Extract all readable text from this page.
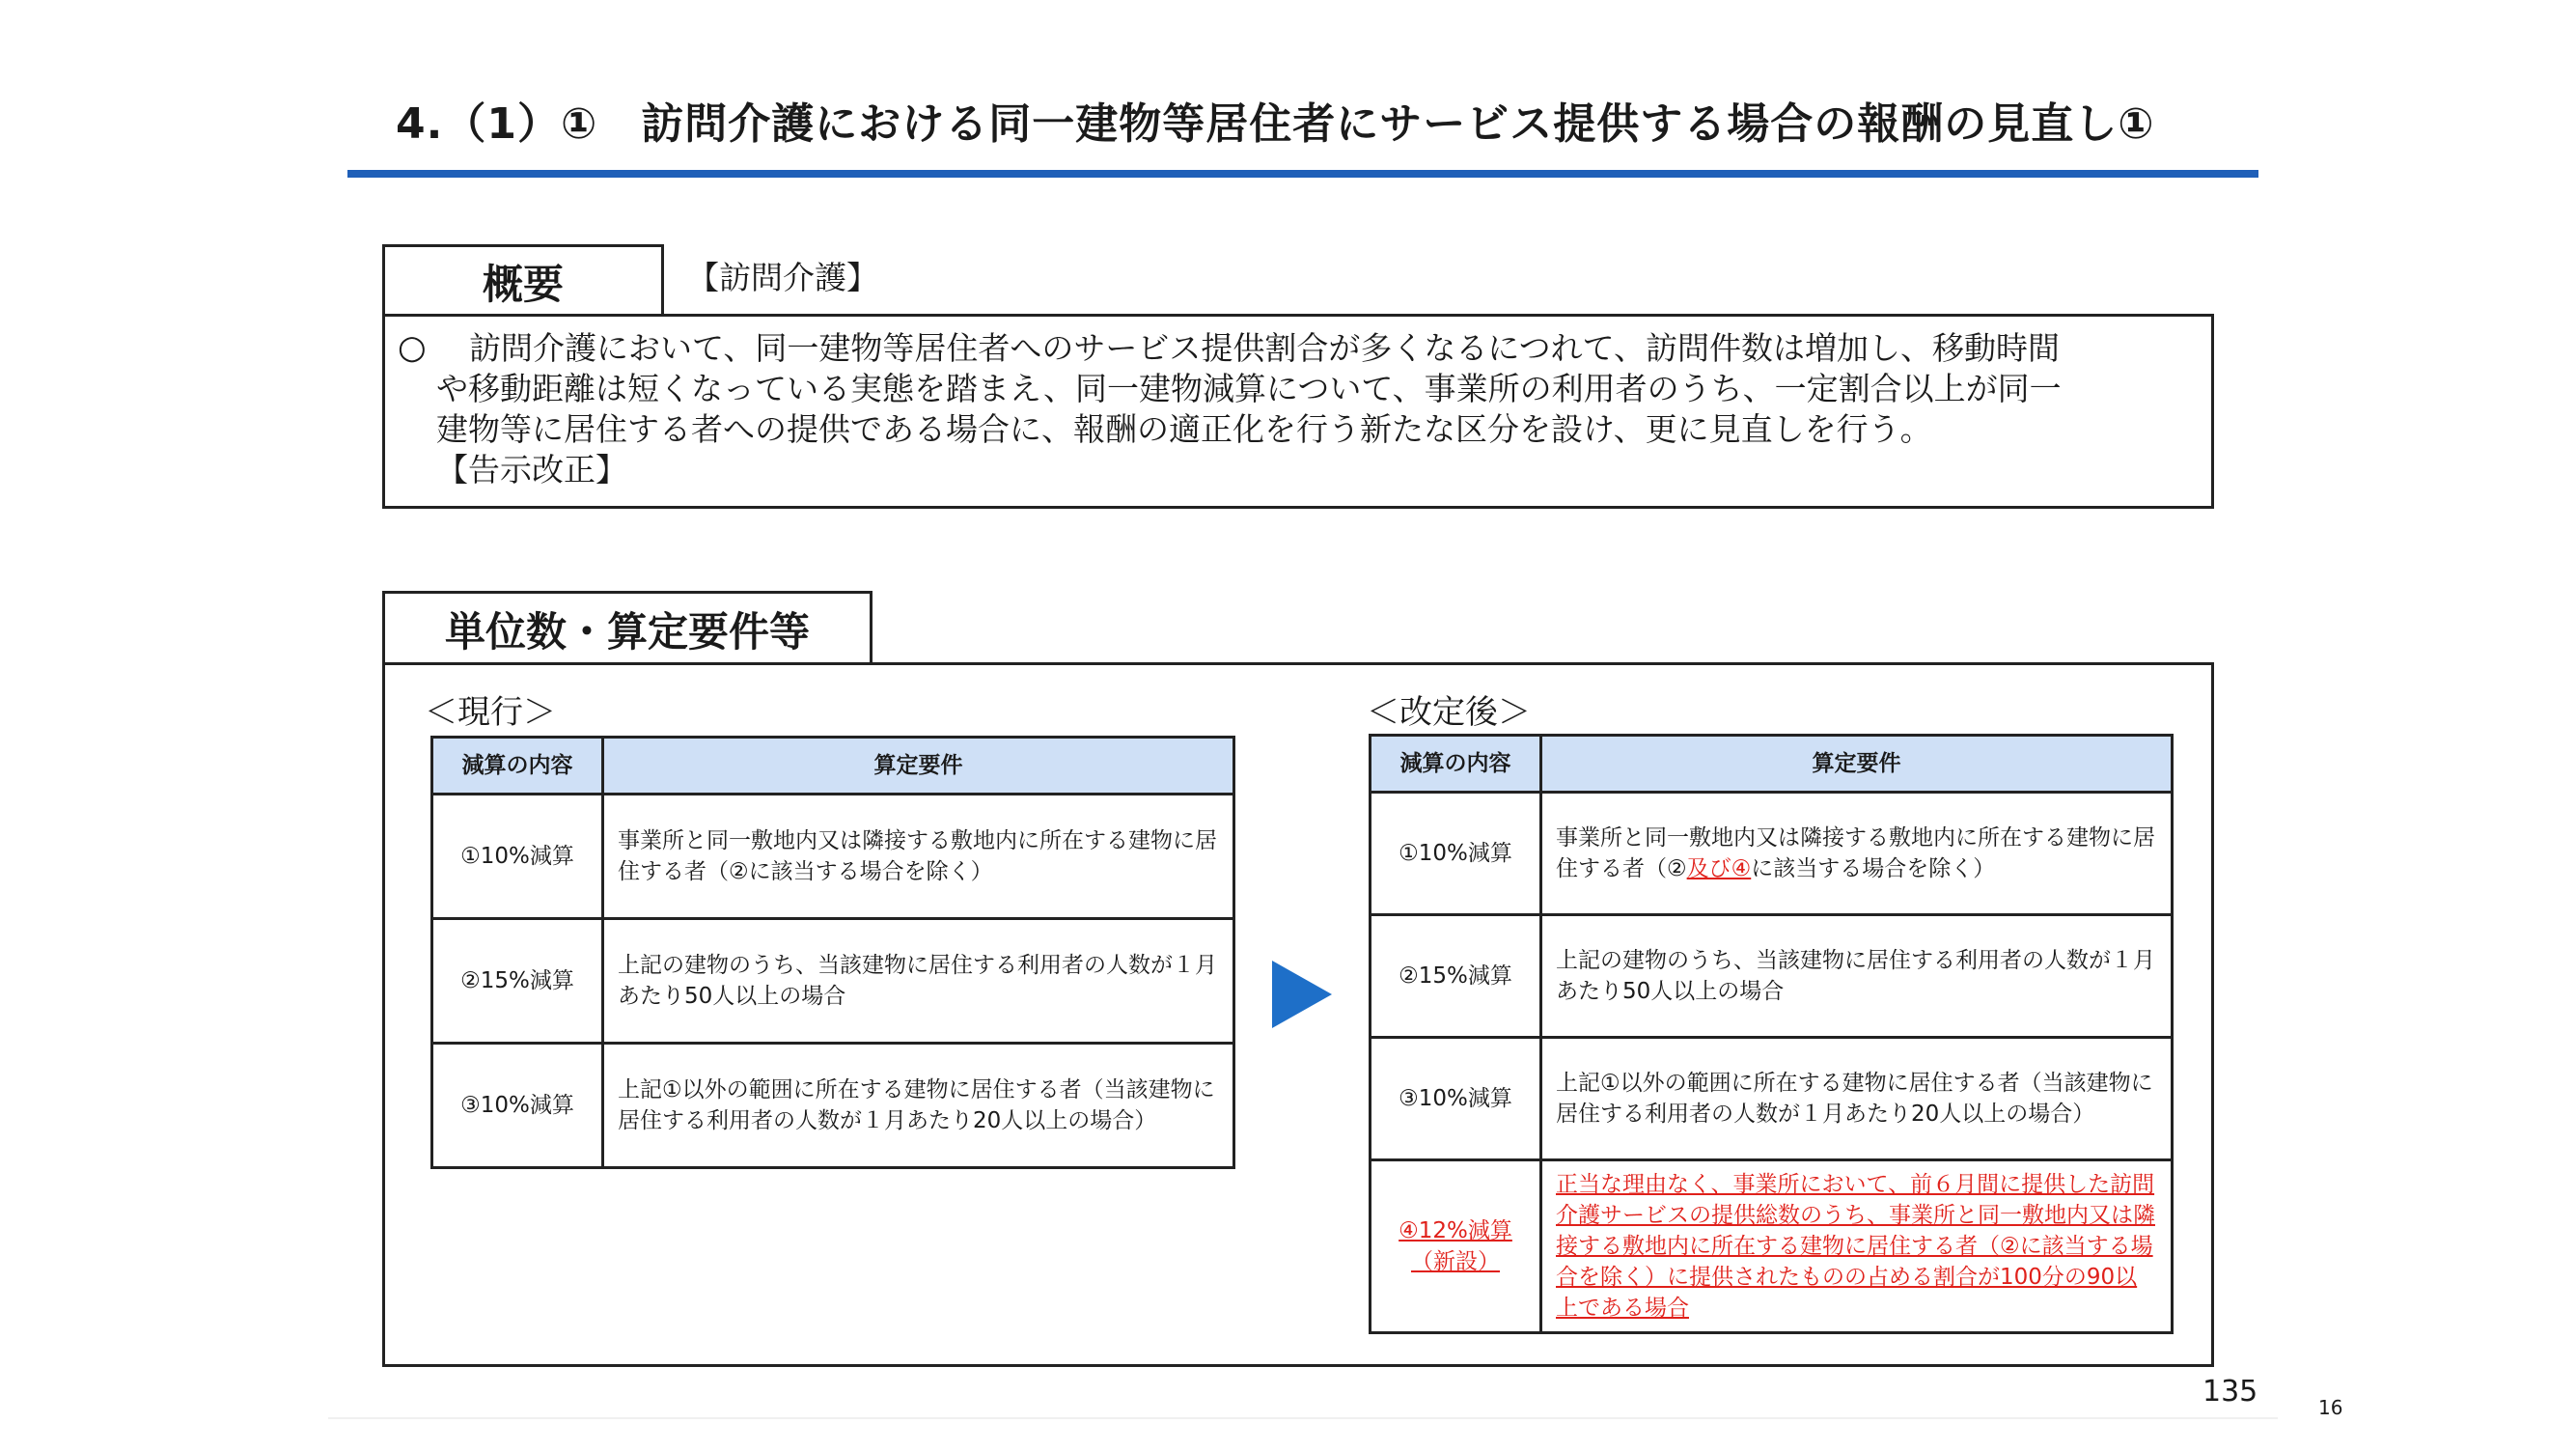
4.（1）①　訪問介護における同一建物等居住者にサービス提供する場合の報酬の見直し①
概要	【訪問介護】
○	訪問介護において、同一建物等居住者へのサービス提供割合が多くなるにつれて、訪問件数は増加し、移動時間
や移動距離は短くなっている実態を踏まえ、同一建物減算について、事業所の利用者のうち、一定割合以上が同一
建物等に居住する者への提供である場合に、報酬の適正化を行う新たな区分を設け、更に見直しを行う。
【告示改正】
単位数・算定要件等
＜現行＞	＜改定後＞
減算の内容	算定要件
①10%減算	事業所と同一敷地内又は隣接する敷地内に所在する建物に居住する者（②に該当する場合を除く）
②15%減算	上記の建物のうち、当該建物に居住する利用者の人数が１月あたり50人以上の場合
③10%減算	上記①以外の範囲に所在する建物に居住する者（当該建物に居住する利用者の人数が１月あたり20人以上の場合）
減算の内容	算定要件
①10%減算	事業所と同一敷地内又は隣接する敷地内に所在する建物に居住する者（②及び④に該当する場合を除く）
②15%減算	上記の建物のうち、当該建物に居住する利用者の人数が１月あたり50人以上の場合
③10%減算	上記①以外の範囲に所在する建物に居住する者（当該建物に居住する利用者の人数が１月あたり20人以上の場合）

④12%減算
（新設）	正当な理由なく、事業所において、前６月間に提供した訪問介護サービスの提供総数のうち、事業所と同一敷地内又は隣接する敷地内に所在する建物に居住する者（②に該当する場合を除く）に提供されたものの占める割合が100分の90以上である場合
135	16
